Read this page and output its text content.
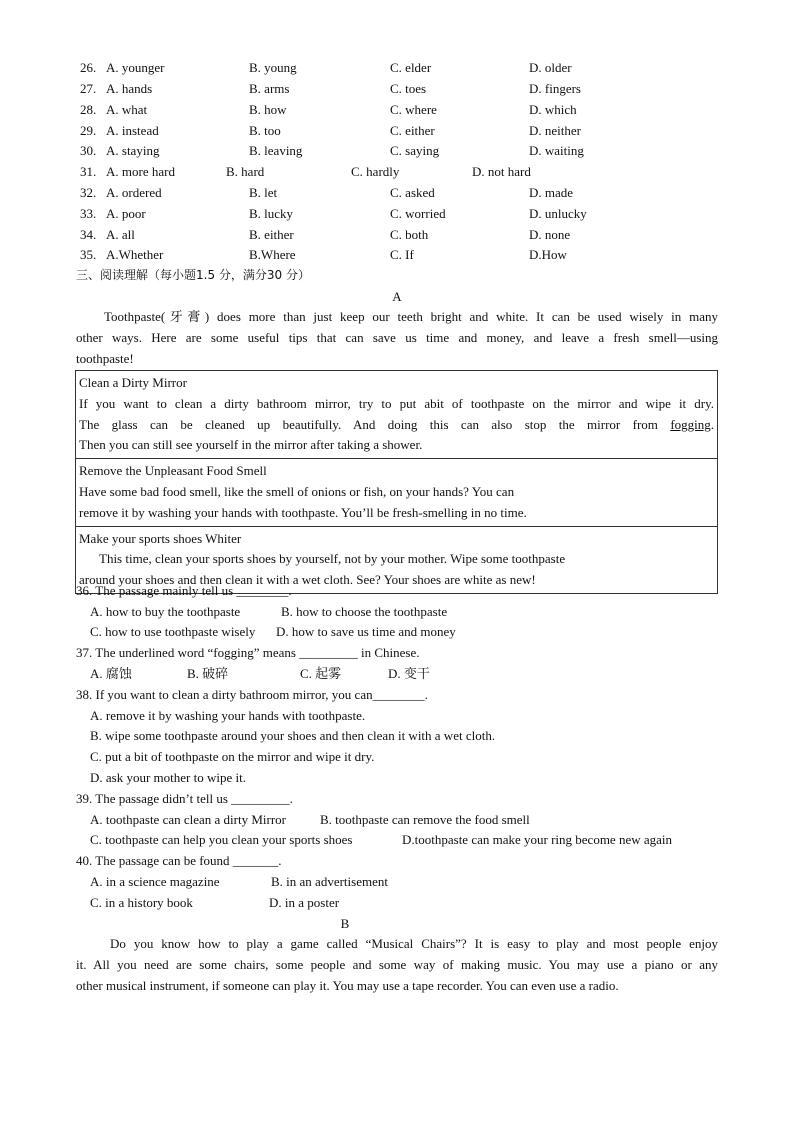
26. A. younger	B. young	C. elder	D. older
27. A. hands	B. arms	C. toes	D. fingers
28. A. what	B. how	C. where	D. which
29. A. instead	B. too	C. either	D. neither
30. A. staying	B. leaving	C. saying	D. waiting
31. A. more hard	B. hard	C. hardly	D. not hard
32. A. ordered	B. let	C. asked	D. made
33. A. poor	B. lucky	C. worried	D. unlucky
34. A. all	B. either	C. both	D. none
35. A.Whether	B.Where	C. If	D.How
三、阅读理解（每小题1.5 分，满分30 分）
A
Toothpaste(牙膏) does more than just keep our teeth bright and white. It can be used wisely in many
other ways. Here are some useful tips that can save us time and money, and leave a fresh smell—using
toothpaste!
Clean a Dirty Mirror
If you want to clean a dirty bathroom mirror, try to put abit of toothpaste on the mirror and wipe it dry.
The glass can be cleaned up beautifully. And doing this can also stop the mirror from fogging.
Then you can still see yourself in the mirror after taking a shower.
Remove the Unpleasant Food Smell
Have some bad food smell, like the smell of onions or fish, on your hands? You can
remove it by washing your hands with toothpaste. You’ll be fresh-smelling in no time.
Make your sports shoes Whiter
This time, clean your sports shoes by yourself, not by your mother. Wipe some toothpaste
around your shoes and then clean it with a wet cloth. See? Your shoes are white as new!
36. The passage mainly tell us ________.
A. how to buy the toothpaste	B. how to choose the toothpaste
C. how to use toothpaste wisely D. how to save us time and money
37. The underlined word “fogging” means _________ in Chinese.
A. 腐蚀	B. 破碎	C. 起雾	D. 变干
38. If you want to clean a dirty bathroom mirror, you can________.
A. remove it by washing your hands with toothpaste.
B. wipe some toothpaste around your shoes and then clean it with a wet cloth.
C. put a bit of toothpaste on the mirror and wipe it dry.
D. ask your mother to wipe it.
39. The passage didn’t tell us _________.
A. toothpaste can clean a dirty Mirror	B. toothpaste can remove the food smell
C. toothpaste can help you clean your sports shoes	D.toothpaste can make your ring become new again
40. The passage can be found _______.
A. in a science magazine	B. in an advertisement
C. in a history book	D. in a poster
B
Do you know how to play a game called “Musical Chairs”? It is easy to play and most people enjoy
it. All you need are some chairs, some people and some way of making music. You may use a piano or any
other musical instrument, if someone can play it. You may use a tape recorder. You can even use a radio.
